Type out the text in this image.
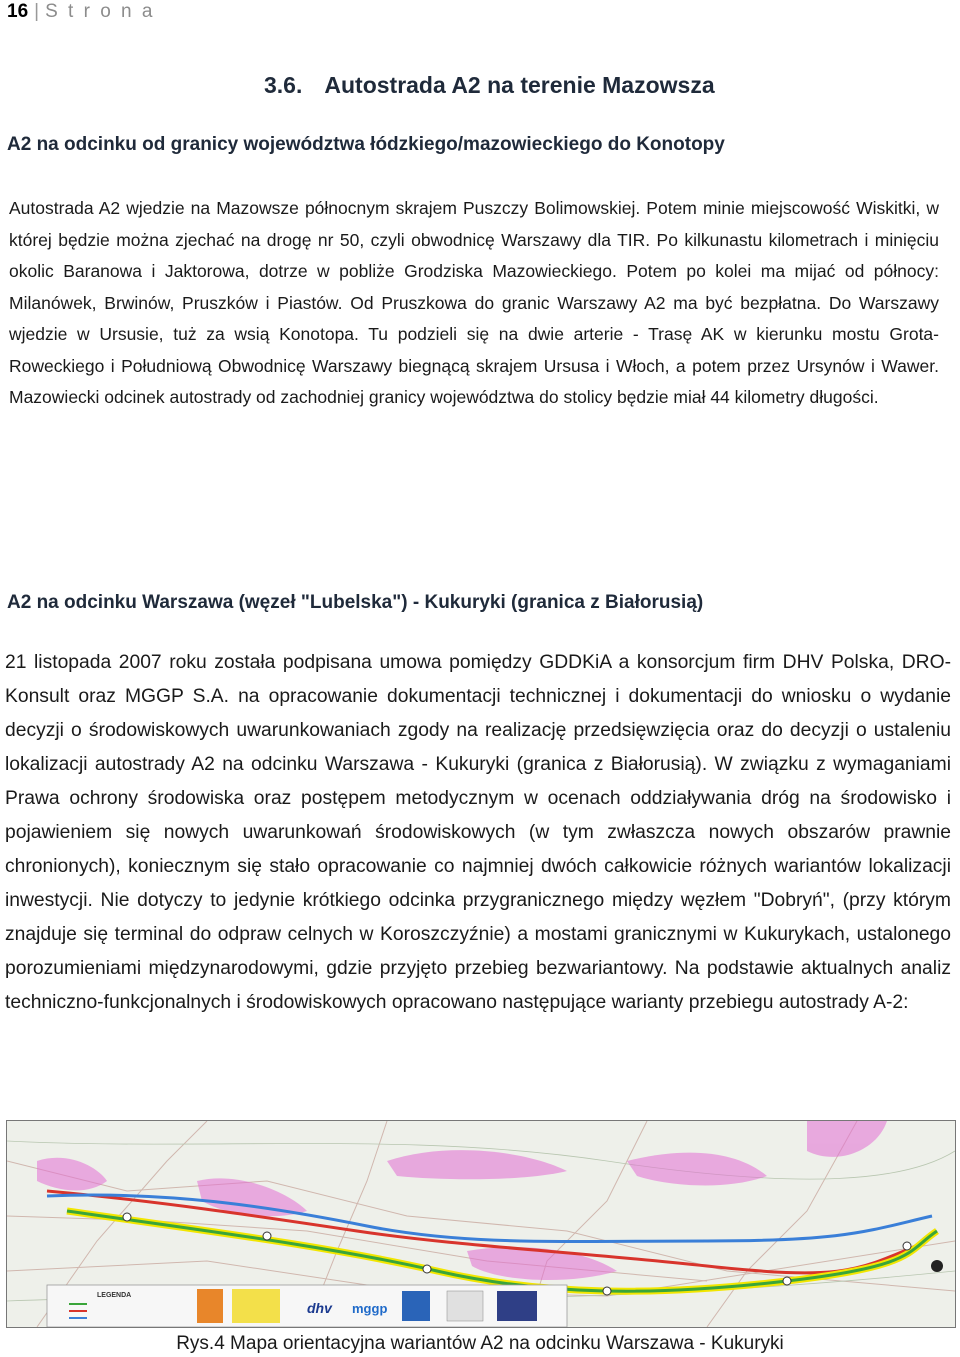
16 | S t r o n a
3.6. Autostrada A2 na terenie Mazowsza
A2 na odcinku od granicy województwa łódzkiego/mazowieckiego do Konotopy
Autostrada A2 wjedzie na Mazowsze północnym skrajem Puszczy Bolimowskiej. Potem minie miejscowość Wiskitki, w której będzie można zjechać na drogę nr 50, czyli obwodnicę Warszawy dla TIR. Po kilkunastu kilometrach i minięciu okolic Baranowa i Jaktorowa, dotrze w pobliże Grodziska Mazowieckiego. Potem po kolei ma mijać od północy: Milanówek, Brwinów, Pruszków i Piastów. Od Pruszkowa do granic Warszawy A2 ma być bezpłatna. Do Warszawy wjedzie w Ursusie, tuż za wsią Konotopa. Tu podzieli się na dwie arterie - Trasę AK w kierunku mostu Grota-Roweckiego i Południową Obwodnicę Warszawy biegnącą skrajem Ursusa i Włoch, a potem przez Ursynów i Wawer. Mazowiecki odcinek autostrady od zachodniej granicy województwa do stolicy będzie miał 44 kilometry długości.
A2 na odcinku Warszawa (węzeł "Lubelska") - Kukuryki (granica z Białorusią)
21 listopada 2007 roku została podpisana umowa pomiędzy GDDKiA a konsorcjum firm DHV Polska, DRO-Konsult oraz MGGP S.A. na opracowanie dokumentacji technicznej i dokumentacji do wniosku o wydanie decyzji o środowiskowych uwarunkowaniach zgody na realizację przedsięwzięcia oraz do decyzji o ustaleniu lokalizacji autostrady A2 na odcinku Warszawa - Kukuryki (granica z Białorusią). W związku z wymaganiami Prawa ochrony środowiska oraz postępem metodycznym w ocenach oddziaływania dróg na środowisko i pojawieniem się nowych uwarunkowań środowiskowych (w tym zwłaszcza nowych obszarów prawnie chronionych), koniecznym się stało opracowanie co najmniej dwóch całkowicie różnych wariantów lokalizacji inwestycji. Nie dotyczy to jedynie krótkiego odcinka przygranicznego między węzłem "Dobryń", (przy którym znajduje się terminal do odpraw celnych w Koroszczyźnie) a mostami granicznymi w Kukurykach, ustalonego porozumieniami międzynarodowymi, gdzie przyjęto przebieg bezwariantowy. Na podstawie aktualnych analiz techniczno-funkcjonalnych i środowiskowych opracowano następujące warianty przebiegu autostrady A-2:
LEGENDA
dhv mggp
Rys.4 Mapa orientacyjna wariantów A2 na odcinku Warszawa - Kukuryki
